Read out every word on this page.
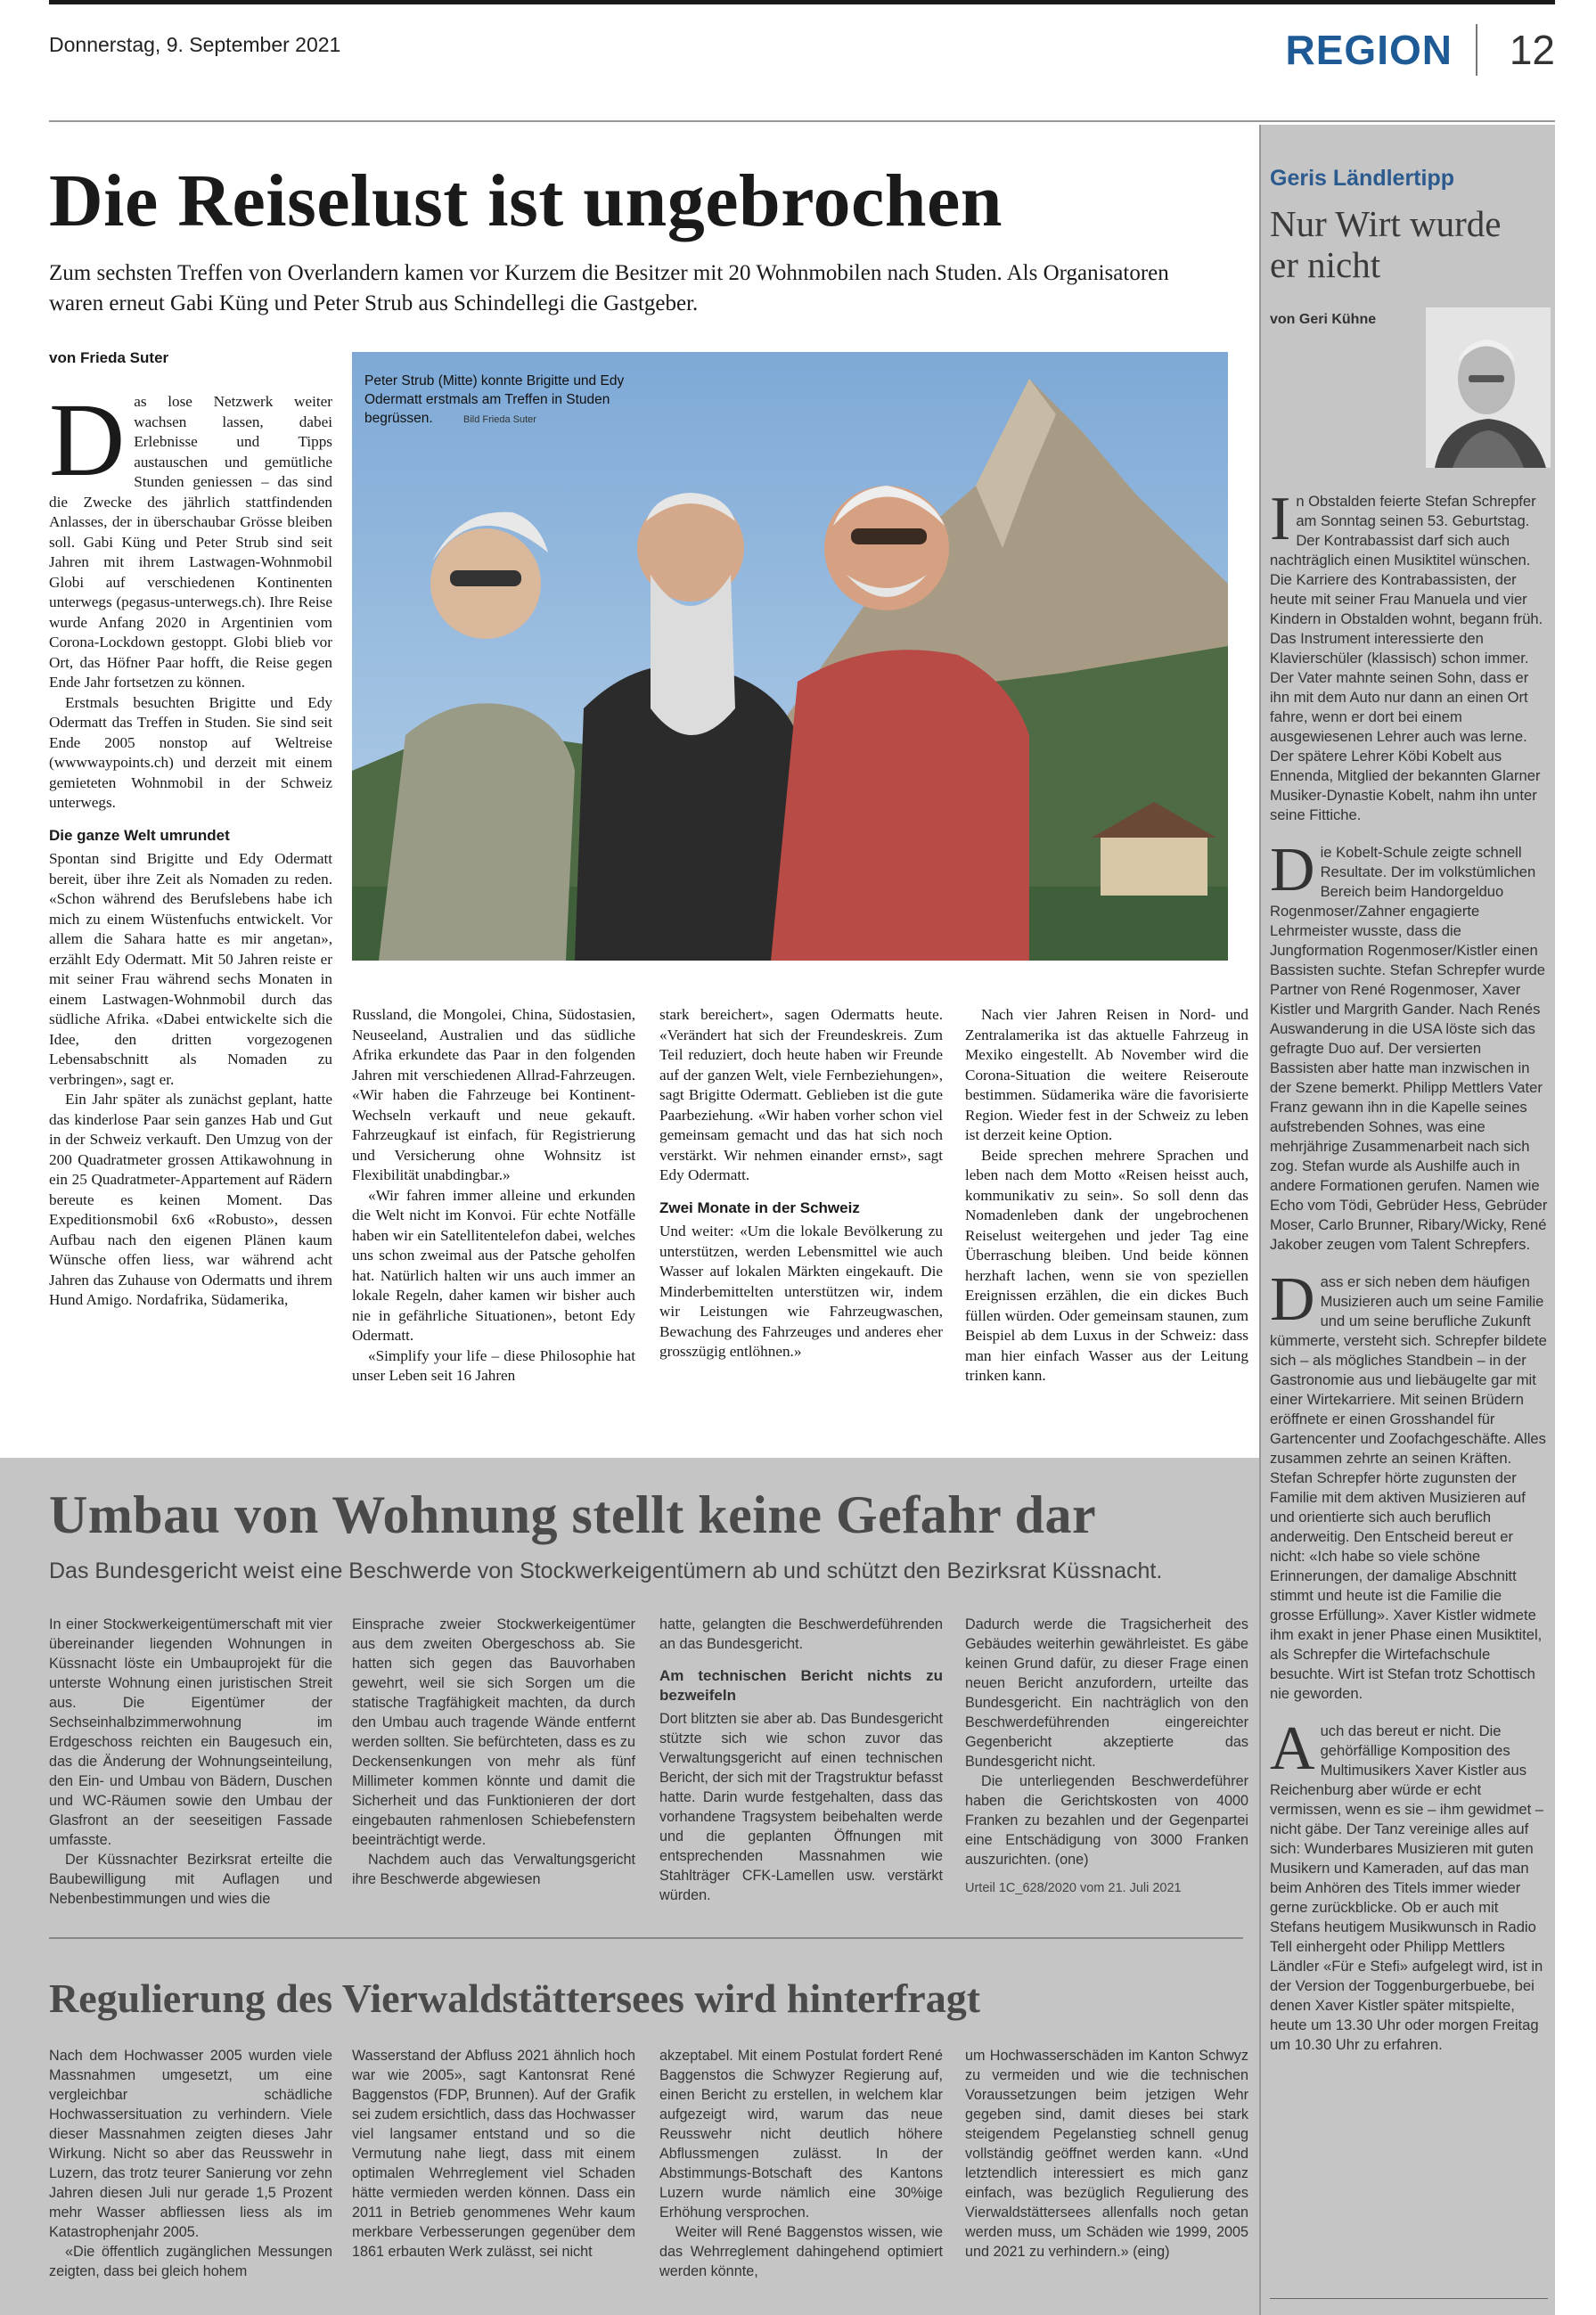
Donnerstag, 9. September 2021	REGION 12
Die Reiselust ist ungebrochen
Zum sechsten Treffen von Overlandern kamen vor Kurzem die Besitzer mit 20 Wohnmobilen nach Studen. Als Organisatoren waren erneut Gabi Küng und Peter Strub aus Schindellegi die Gastgeber.
von Frieda Suter

Das lose Netzwerk weiter wachsen lassen, dabei Erlebnisse und Tipps austauschen und gemütliche Stunden geniessen – das sind die Zwecke des jährlich stattfindenden Anlasses, der in überschaubar Grösse bleiben soll. Gabi Küng und Peter Strub sind seit Jahren mit ihrem Lastwagen-Wohnmobil Globi auf verschiedenen Kontinenten unterwegs (pegasus-unterwegs.ch). Ihre Reise wurde Anfang 2020 in Argentinien vom Corona-Lockdown gestoppt. Globi blieb vor Ort, das Höfner Paar hofft, die Reise gegen Ende Jahr fortsetzen zu können.

Erstmals besuchten Brigitte und Edy Odermatt das Treffen in Studen. Sie sind seit Ende 2005 nonstop auf Weltreise (wwwwaypoints.ch) und derzeit mit einem gemieteten Wohnmobil in der Schweiz unterwegs.

Die ganze Welt umrundet

Spontan sind Brigitte und Edy Odermatt bereit, über ihre Zeit als Nomaden zu reden. «Schon während des Berufslebens habe ich mich zu einem Wüstenfuchs entwickelt. Vor allem die Sahara hatte es mir angetan», erzählt Edy Odermatt. Mit 50 Jahren reiste er mit seiner Frau während sechs Monaten in einem Lastwagen-Wohnmobil durch das südliche Afrika. «Dabei entwickelte sich die Idee, den dritten vorgezogenen Lebensabschnitt als Nomaden zu verbringen», sagt er.

Ein Jahr später als zunächst geplant, hatte das kinderlose Paar sein ganzes Hab und Gut in der Schweiz verkauft. Den Umzug von der 200 Quadratmeter grossen Attikawohnung in ein 25 Quadratmeter-Appartement auf Rädern bereute es keinen Moment. Das Expeditionsmobil 6x6 «Robusto», dessen Aufbau nach den eigenen Plänen kaum Wünsche offen liess, war während acht Jahren das Zuhause von Odermatts und ihrem Hund Amigo. Nordafrika, Südamerika,

Peter Strub (Mitte) konnte Brigitte und Edy Odermatt erstmals am Treffen in Studen begrüssen.	Bild Frieda Suter

Russland, die Mongolei, China, Südostasien, Neuseeland, Australien und das südliche Afrika erkundete das Paar in den folgenden Jahren mit verschiedenen Allrad-Fahrzeugen. «Wir haben die Fahrzeuge bei Kontinent-Wechseln verkauft und neue gekauft. Fahrzeugkauf ist einfach, für Registrierung und Versicherung ohne Wohnsitz ist Flexibilität unabdingbar.»

«Wir fahren immer alleine und erkunden die Welt nicht im Konvoi. Für echte Notfälle haben wir ein Satellitentelefon dabei, welches uns schon zweimal aus der Patsche geholfen hat. Natürlich halten wir uns auch immer an lokale Regeln, daher kamen wir bisher auch nie in gefährliche Situationen», betont Edy Odermatt.

«Simplify your life – diese Philosophie hat unser Leben seit 16 Jahren

stark bereichert», sagen Odermatts heute. «Verändert hat sich der Freundeskreis. Zum Teil reduziert, doch heute haben wir Freunde auf der ganzen Welt, viele Fernbeziehungen», sagt Brigitte Odermatt. Geblieben ist die gute Paarbeziehung. «Wir haben vorher schon viel gemeinsam gemacht und das hat sich noch verstärkt. Wir nehmen einander ernst», sagt Edy Odermatt.

Zwei Monate in der Schweiz

Und weiter: «Um die lokale Bevölkerung zu unterstützen, werden Lebensmittel wie auch Wasser auf lokalen Märkten eingekauft. Die Minderbemittelten unterstützen wir, indem wir Leistungen wie Fahrzeugwaschen, Bewachung des Fahrzeuges und anderes eher grosszügig entlöhnen.»

Nach vier Jahren Reisen in Nord- und Zentralamerika ist das aktuelle Fahrzeug in Mexiko eingestellt. Ab November wird die Corona-Situation die weitere Reiseroute bestimmen. Südamerika wäre die favorisierte Region. Wieder fest in der Schweiz zu leben ist derzeit keine Option.

Beide sprechen mehrere Sprachen und leben nach dem Motto «Reisen heisst auch, kommunikativ zu sein». So soll denn das Nomadenleben dank der ungebrochenen Reiselust weitergehen und jeder Tag eine Überraschung bleiben. Und beide können herzhaft lachen, wenn sie von speziellen Ereignissen erzählen, die ein dickes Buch füllen würden. Oder gemeinsam staunen, zum Beispiel ab dem Luxus in der Schweiz: dass man hier einfach Wasser aus der Leitung trinken kann.

Umbau von Wohnung stellt keine Gefahr dar
Das Bundesgericht weist eine Beschwerde von Stockwerkeigentümern ab und schützt den Bezirksrat Küssnacht.

In einer Stockwerkeigentümerschaft mit vier übereinander liegenden Wohnungen in Küssnacht löste ein Umbauprojekt für die unterste Wohnung einen juristischen Streit aus. Die Eigentümer der Sechseinhalbzimmerwohnung im Erdgeschoss reichten ein Baugesuch ein, das die Änderung der Wohnungseinteilung, den Ein- und Umbau von Bädern, Duschen und WC-Räumen sowie den Umbau der Glasfront an der seeseitigen Fassade umfasste.

Der Küssnachter Bezirksrat erteilte die Baubewilligung mit Auflagen und Nebenbestimmungen und wies die

Einsprache zweier Stockwerkeigentümer aus dem zweiten Obergeschoss ab. Sie hatten sich gegen das Bauvorhaben gewehrt, weil sie sich Sorgen um die statische Tragfähigkeit machten, da durch den Umbau auch tragende Wände entfernt werden sollten. Sie befürchteten, dass es zu Deckensenkungen von mehr als fünf Millimeter kommen könnte und damit die Sicherheit und das Funktionieren der dort eingebauten rahmenlosen Schiebefenstern beeinträchtigt werde.

Nachdem auch das Verwaltungsgericht ihre Beschwerde abgewiesen

hatte, gelangten die Beschwerdeführenden an das Bundesgericht.

Am technischen Bericht nichts zu bezweifeln

Dort blitzten sie aber ab. Das Bundesgericht stützte sich wie schon zuvor das Verwaltungsgericht auf einen technischen Bericht, der sich mit der Tragstruktur befasst hatte. Darin wurde festgehalten, dass das vorhandene Tragsystem beibehalten werde und die geplanten Öffnungen mit entsprechenden Massnahmen wie Stahlträger CFK-Lamellen usw. verstärkt würden.

Dadurch werde die Tragsicherheit des Gebäudes weiterhin gewährleistet. Es gäbe keinen Grund dafür, zu dieser Frage einen neuen Bericht anzufordern, urteilte das Bundesgericht. Ein nachträglich von den Beschwerdeführenden eingereichter Gegenbericht akzeptierte das Bundesgericht nicht.

Die unterliegenden Beschwerdeführer haben die Gerichtskosten von 4000 Franken zu bezahlen und der Gegenpartei eine Entschädigung von 3000 Franken auszurichten. (one)

Urteil 1C_628/2020 vom 21. Juli 2021
Regulierung des Vierwaldstättersees wird hinterfragt

Nach dem Hochwasser 2005 wurden viele Massnahmen umgesetzt, um eine vergleichbar schädliche Hochwassersituation zu verhindern. Viele dieser Massnahmen zeigten dieses Jahr Wirkung. Nicht so aber das Reusswehr in Luzern, das trotz teurer Sanierung vor zehn Jahren diesen Juli nur gerade 1,5 Prozent mehr Wasser abfliessen liess als im Katastrophenjahr 2005.

«Die öffentlich zugänglichen Messungen zeigten, dass bei gleich hohem

Wasserstand der Abfluss 2021 ähnlich hoch war wie 2005», sagt Kantonsrat René Baggenstos (FDP, Brunnen). Auf der Grafik sei zudem ersichtlich, dass das Hochwasser viel langsamer entstand und so die Vermutung nahe liegt, dass mit einem optimalen Wehrreglement viel Schaden hätte vermieden werden können. Dass ein 2011 in Betrieb genommenes Wehr kaum merkbare Verbesserungen gegenüber dem 1861 erbauten Werk zulässt, sei nicht

akzeptabel. Mit einem Postulat fordert René Baggenstos die Schwyzer Regierung auf, einen Bericht zu erstellen, in welchem klar aufgezeigt wird, warum das neue Reusswehr nicht deutlich höhere Abflussmengen zulässt. In der Abstimmungs-Botschaft des Kantons Luzern wurde nämlich eine 30%ige Erhöhung versprochen.

Weiter will René Baggenstos wissen, wie das Wehrreglement dahingehend optimiert werden könnte,

um Hochwasserschäden im Kanton Schwyz zu vermeiden und wie die technischen Voraussetzungen beim jetzigen Wehr gegeben sind, damit dieses bei stark steigendem Pegelanstieg schnell genug vollständig geöffnet werden kann. «Und letztendlich interessiert es mich ganz einfach, was bezüglich Regulierung des Vierwaldstättersees allenfalls noch getan werden muss, um Schäden wie 1999, 2005 und 2021 zu verhindern.» (eing)

Geris Ländlertipp
Nur Wirt wurde er nicht
von Geri Kühne

In Obstalden feierte Stefan Schrepfer am Sonntag seinen 53. Geburtstag. Der Kontrabassist darf sich auch nachträglich einen Musiktitel wünschen. Die Karriere des Kontrabassisten, der heute mit seiner Frau Manuela und vier Kindern in Obstalden wohnt, begann früh. Das Instrument interessierte den Klavierschüler (klassisch) schon immer. Der Vater mahnte seinen Sohn, dass er ihn mit dem Auto nur dann an einen Ort fahre, wenn er dort bei einem ausgewiesenen Lehrer auch was lerne. Der spätere Lehrer Köbi Kobelt aus Ennenda, Mitglied der bekannten Glarner Musiker-Dynastie Kobelt, nahm ihn unter seine Fittiche.

Die Kobelt-Schule zeigte schnell Resultate. Der im volkstümlichen Bereich beim Handorgelduo Rogenmoser/Zahner engagierte Lehrmeister wusste, dass die Jungformation Rogenmoser/Kistler einen Bassisten suchte. Stefan Schrepfer wurde Partner von René Rogenmoser, Xaver Kistler und Margrith Gander. Nach Renés Auswanderung in die USA löste sich das gefragte Duo auf. Der versierten Bassisten aber hatte man inzwischen in der Szene bemerkt. Philipp Mettlers Vater Franz gewann ihn in die Kapelle seines aufstrebenden Sohnes, was eine mehrjährige Zusammenarbeit nach sich zog. Stefan wurde als Aushilfe auch in andere Formationen gerufen. Namen wie Echo vom Tödi, Gebrüder Hess, Gebrüder Moser, Carlo Brunner, Ribary/Wicky, René Jakober zeugen vom Talent Schrepfers.

Dass er sich neben dem häufigen Musizieren auch um seine Familie und um seine berufliche Zukunft kümmerte, versteht sich. Schrepfer bildete sich – als mögliches Standbein – in der Gastronomie aus und liebäugelte gar mit einer Wirtekarriere. Mit seinen Brüdern eröffnete er einen Grosshandel für Gartencenter und Zoofachgeschäfte. Alles zusammen zehrte an seinen Kräften. Stefan Schrepfer hörte zugunsten der Familie mit dem aktiven Musizieren auf und orientierte sich auch beruflich anderweitig. Den Entscheid bereut er nicht: «Ich habe so viele schöne Erinnerungen, der damalige Abschnitt stimmt und heute ist die Familie die grosse Erfüllung». Xaver Kistler widmete ihm exakt in jener Phase einen Musiktitel, als Schrepfer die Wirtefachschule besuchte. Wirt ist Stefan trotz Schottisch nie geworden.

Auch das bereut er nicht. Die gehörfällige Komposition des Multimusikers Xaver Kistler aus Reichenburg aber würde er echt vermissen, wenn es sie – ihm gewidmet – nicht gäbe. Der Tanz vereinige alles auf sich: Wunderbares Musizieren mit guten Musikern und Kameraden, auf das man beim Anhören des Titels immer wieder gerne zurückblicke. Ob er auch mit Stefans heutigem Musikwunsch in Radio Tell einhergeht oder Philipp Mettlers Ländler «Für e Stefi» aufgelegt wird, ist in der Version der Toggenburgerbuebe, bei denen Xaver Kistler später mitspielte, heute um 13.30 Uhr oder morgen Freitag um 10.30 Uhr zu erfahren.
